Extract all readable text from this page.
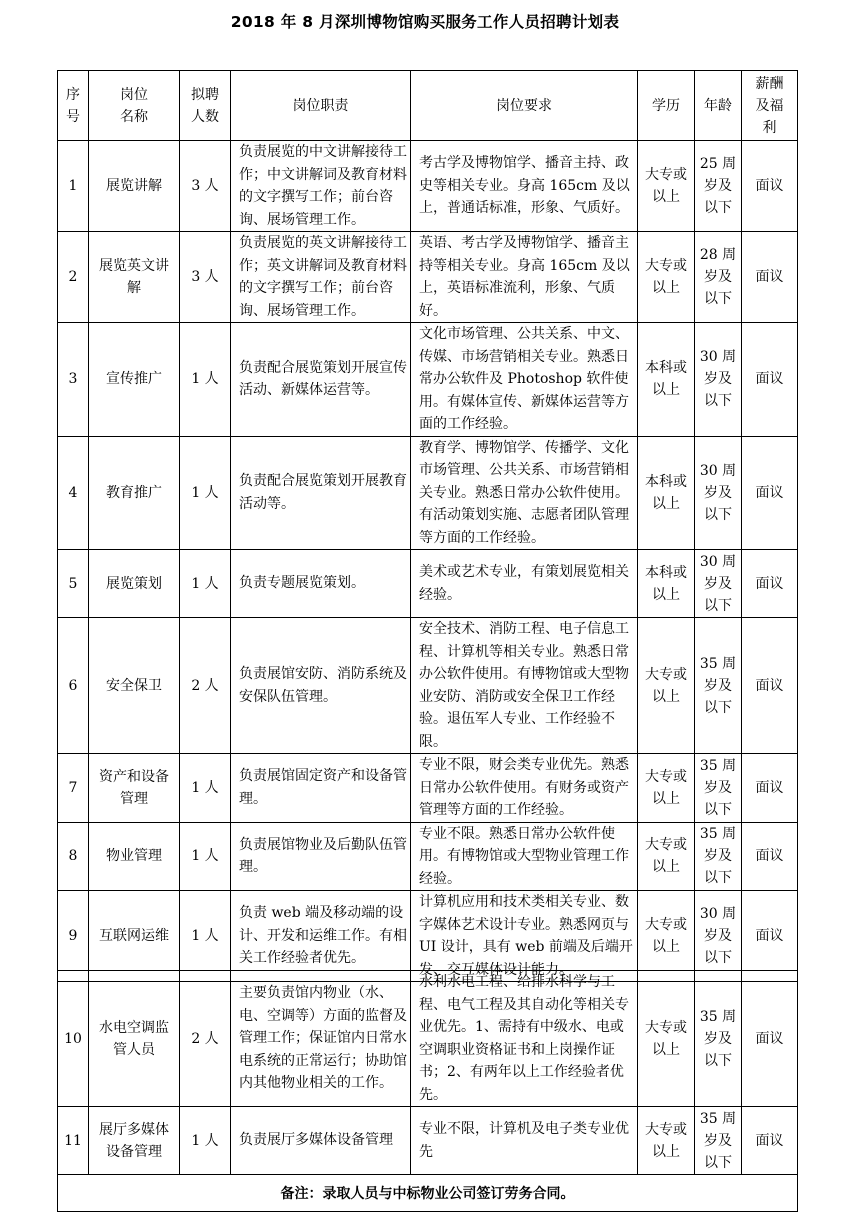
2018 年 8 月深圳博物馆购买服务工作人员招聘计划表
序
号	岗位
名称	拟聘
人数	岗位职责	岗位要求	学历	年龄	薪酬
及福
利

1	展览讲解	3 人	负责展览的中文讲解接待工作；中文讲解词及教育材料的文字撰写工作；前台咨询、展场管理工作。	考古学及博物馆学、播音主持、政史等相关专业。身高 165cm 及以上，普通话标准，形象、气质好。	大专或
以上	25 周
岁及
以下	面议

2	展览英文讲
解	3 人	负责展览的英文讲解接待工作；英文讲解词及教育材料的文字撰写工作；前台咨询、展场管理工作。	英语、考古学及博物馆学、播音主持等相关专业。身高 165cm 及以上，英语标准流利，形象、气质好。	大专或
以上	28 周
岁及
以下	面议

3	宣传推广	1 人	负责配合展览策划开展宣传活动、新媒体运营等。	文化市场管理、公共关系、中文、传媒、市场营销相关专业。熟悉日常办公软件及 Photoshop 软件使用。有媒体宣传、新媒体运营等方面的工作经验。	本科或
以上	30 周
岁及
以下	面议

4	教育推广	1 人	负责配合展览策划开展教育活动等。	教育学、博物馆学、传播学、文化市场管理、公共关系、市场营销相关专业。熟悉日常办公软件使用。有活动策划实施、志愿者团队管理等方面的工作经验。	本科或
以上	30 周
岁及
以下	面议

5	展览策划	1 人	负责专题展览策划。	美术或艺术专业，有策划展览相关经验。	本科或
以上	30 周
岁及
以下	面议

6	安全保卫	2 人	负责展馆安防、消防系统及安保队伍管理。	安全技术、消防工程、电子信息工程、计算机等相关专业。熟悉日常办公软件使用。有博物馆或大型物业安防、消防或安全保卫工作经验。退伍军人专业、工作经验不限。	大专或
以上	35 周
岁及
以下	面议

7	资产和设备
管理	1 人	负责展馆固定资产和设备管理。	专业不限，财会类专业优先。熟悉日常办公软件使用。有财务或资产管理等方面的工作经验。	大专或
以上	35 周
岁及
以下	面议

8	物业管理	1 人	负责展馆物业及后勤队伍管理。	专业不限。熟悉日常办公软件使用。有博物馆或大型物业管理工作经验。	大专或
以上	35 周
岁及
以下	面议

9	互联网运维	1 人	负责 web 端及移动端的设计、开发和运维工作。有相关工作经验者优先。	计算机应用和技术类相关专业、数字媒体艺术设计专业。熟悉网页与 UI 设计，具有 web 前端及后端开发、交互媒体设计能力。	大专或
以上	30 周
岁及
以下	面议
10	水电空调监
管人员	2 人	主要负责馆内物业（水、电、空调等）方面的监督及管理工作；保证馆内日常水电系统的正常运行；协助馆内其他物业相关的工作。	水利水电工程、给排水科学与工程、电气工程及其自动化等相关专业优先。1、需持有中级水、电或空调职业资格证书和上岗操作证书；2、有两年以上工作经验者优先。	大专或
以上	35 周
岁及
以下	面议

11	展厅多媒体
设备管理	1 人	负责展厅多媒体设备管理	专业不限，计算机及电子类专业优先	大专或
以上	35 周
岁及
以下	面议

备注：录取人员与中标物业公司签订劳务合同。							
